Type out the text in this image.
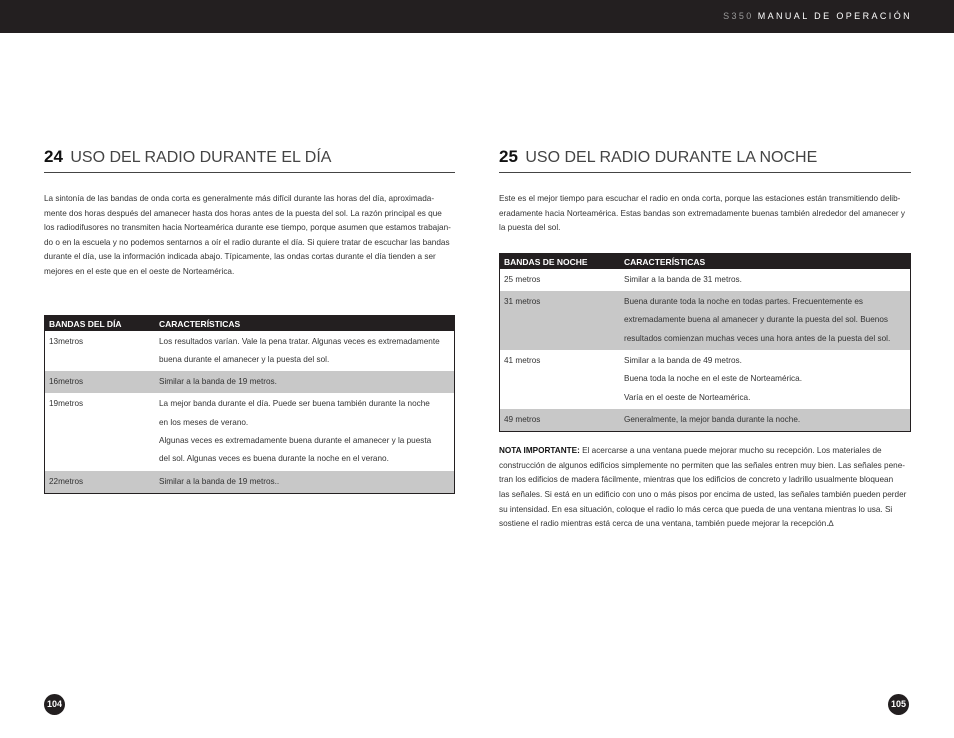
S350 MANUAL DE OPERACIÓN
24 USO DEL RADIO DURANTE EL DÍA

La sintonía de las bandas de onda corta es generalmente más difícil durante las horas del día, aproximada-
mente dos horas después del amanecer hasta dos horas antes de la puesta del sol. La razón principal es que
los radiodifusores no transmiten hacia Norteamérica durante ese tiempo, porque asumen que estamos trabajan-
do o en la escuela y no podemos sentarnos a oír el radio durante el día. Si quiere tratar de escuchar las bandas
durante el día, use la información indicada abajo. Típicamente, las ondas cortas durante el día tienden a ser
mejores en el este que en el oeste de Norteamérica.

BANDAS DEL DÍA	CARACTERÍSTICAS
13metros	Los resultados varían. Vale la pena tratar. Algunas veces es extremadamente
buena durante el amanecer y la puesta del sol.

16metros	Similar a la banda de 19 metros.

19metros	La mejor banda durante el día. Puede ser buena también durante la noche
en los meses de verano.
Algunas veces es extremadamente buena durante el amanecer y la puesta
del sol. Algunas veces es buena durante la noche en el verano.

22metros	Similar a la banda de 19 metros..
25 USO DEL RADIO DURANTE LA NOCHE

Este es el mejor tiempo para escuchar el radio en onda corta, porque las estaciones están transmitiendo delib-
eradamente hacia Norteamérica. Estas bandas son extremadamente buenas también alrededor del amanecer y
la puesta del sol.

BANDAS DE NOCHE	CARACTERÍSTICAS
25 metros	Similar a la banda de 31 metros.

31 metros	Buena durante toda la noche en todas partes. Frecuentemente es
extremadamente buena al amanecer y durante la puesta del sol. Buenos
resultados comienzan muchas veces una hora antes de la puesta del sol.

41 metros	Similar a la banda de 49 metros.
Buena toda la noche en el este de Norteamérica.
Varía en el oeste de Norteamérica.

49 metros	Generalmente, la mejor banda durante la noche.
NOTA IMPORTANTE: El acercarse a una ventana puede mejorar mucho su recepción. Los materiales de
construcción de algunos edificios simplemente no permiten que las señales entren muy bien. Las señales pene-
tran los edificios de madera fácilmente, mientras que los edificios de concreto y ladrillo usualmente bloquean
las señales. Si está en un edificio con uno o más pisos por encima de usted, las señales también pueden perder
su intensidad. En esa situación, coloque el radio lo más cerca que pueda de una ventana mientras lo usa. Si
sostiene el radio mientras está cerca de una ventana, también puede mejorar la recepción.∆
104	105
